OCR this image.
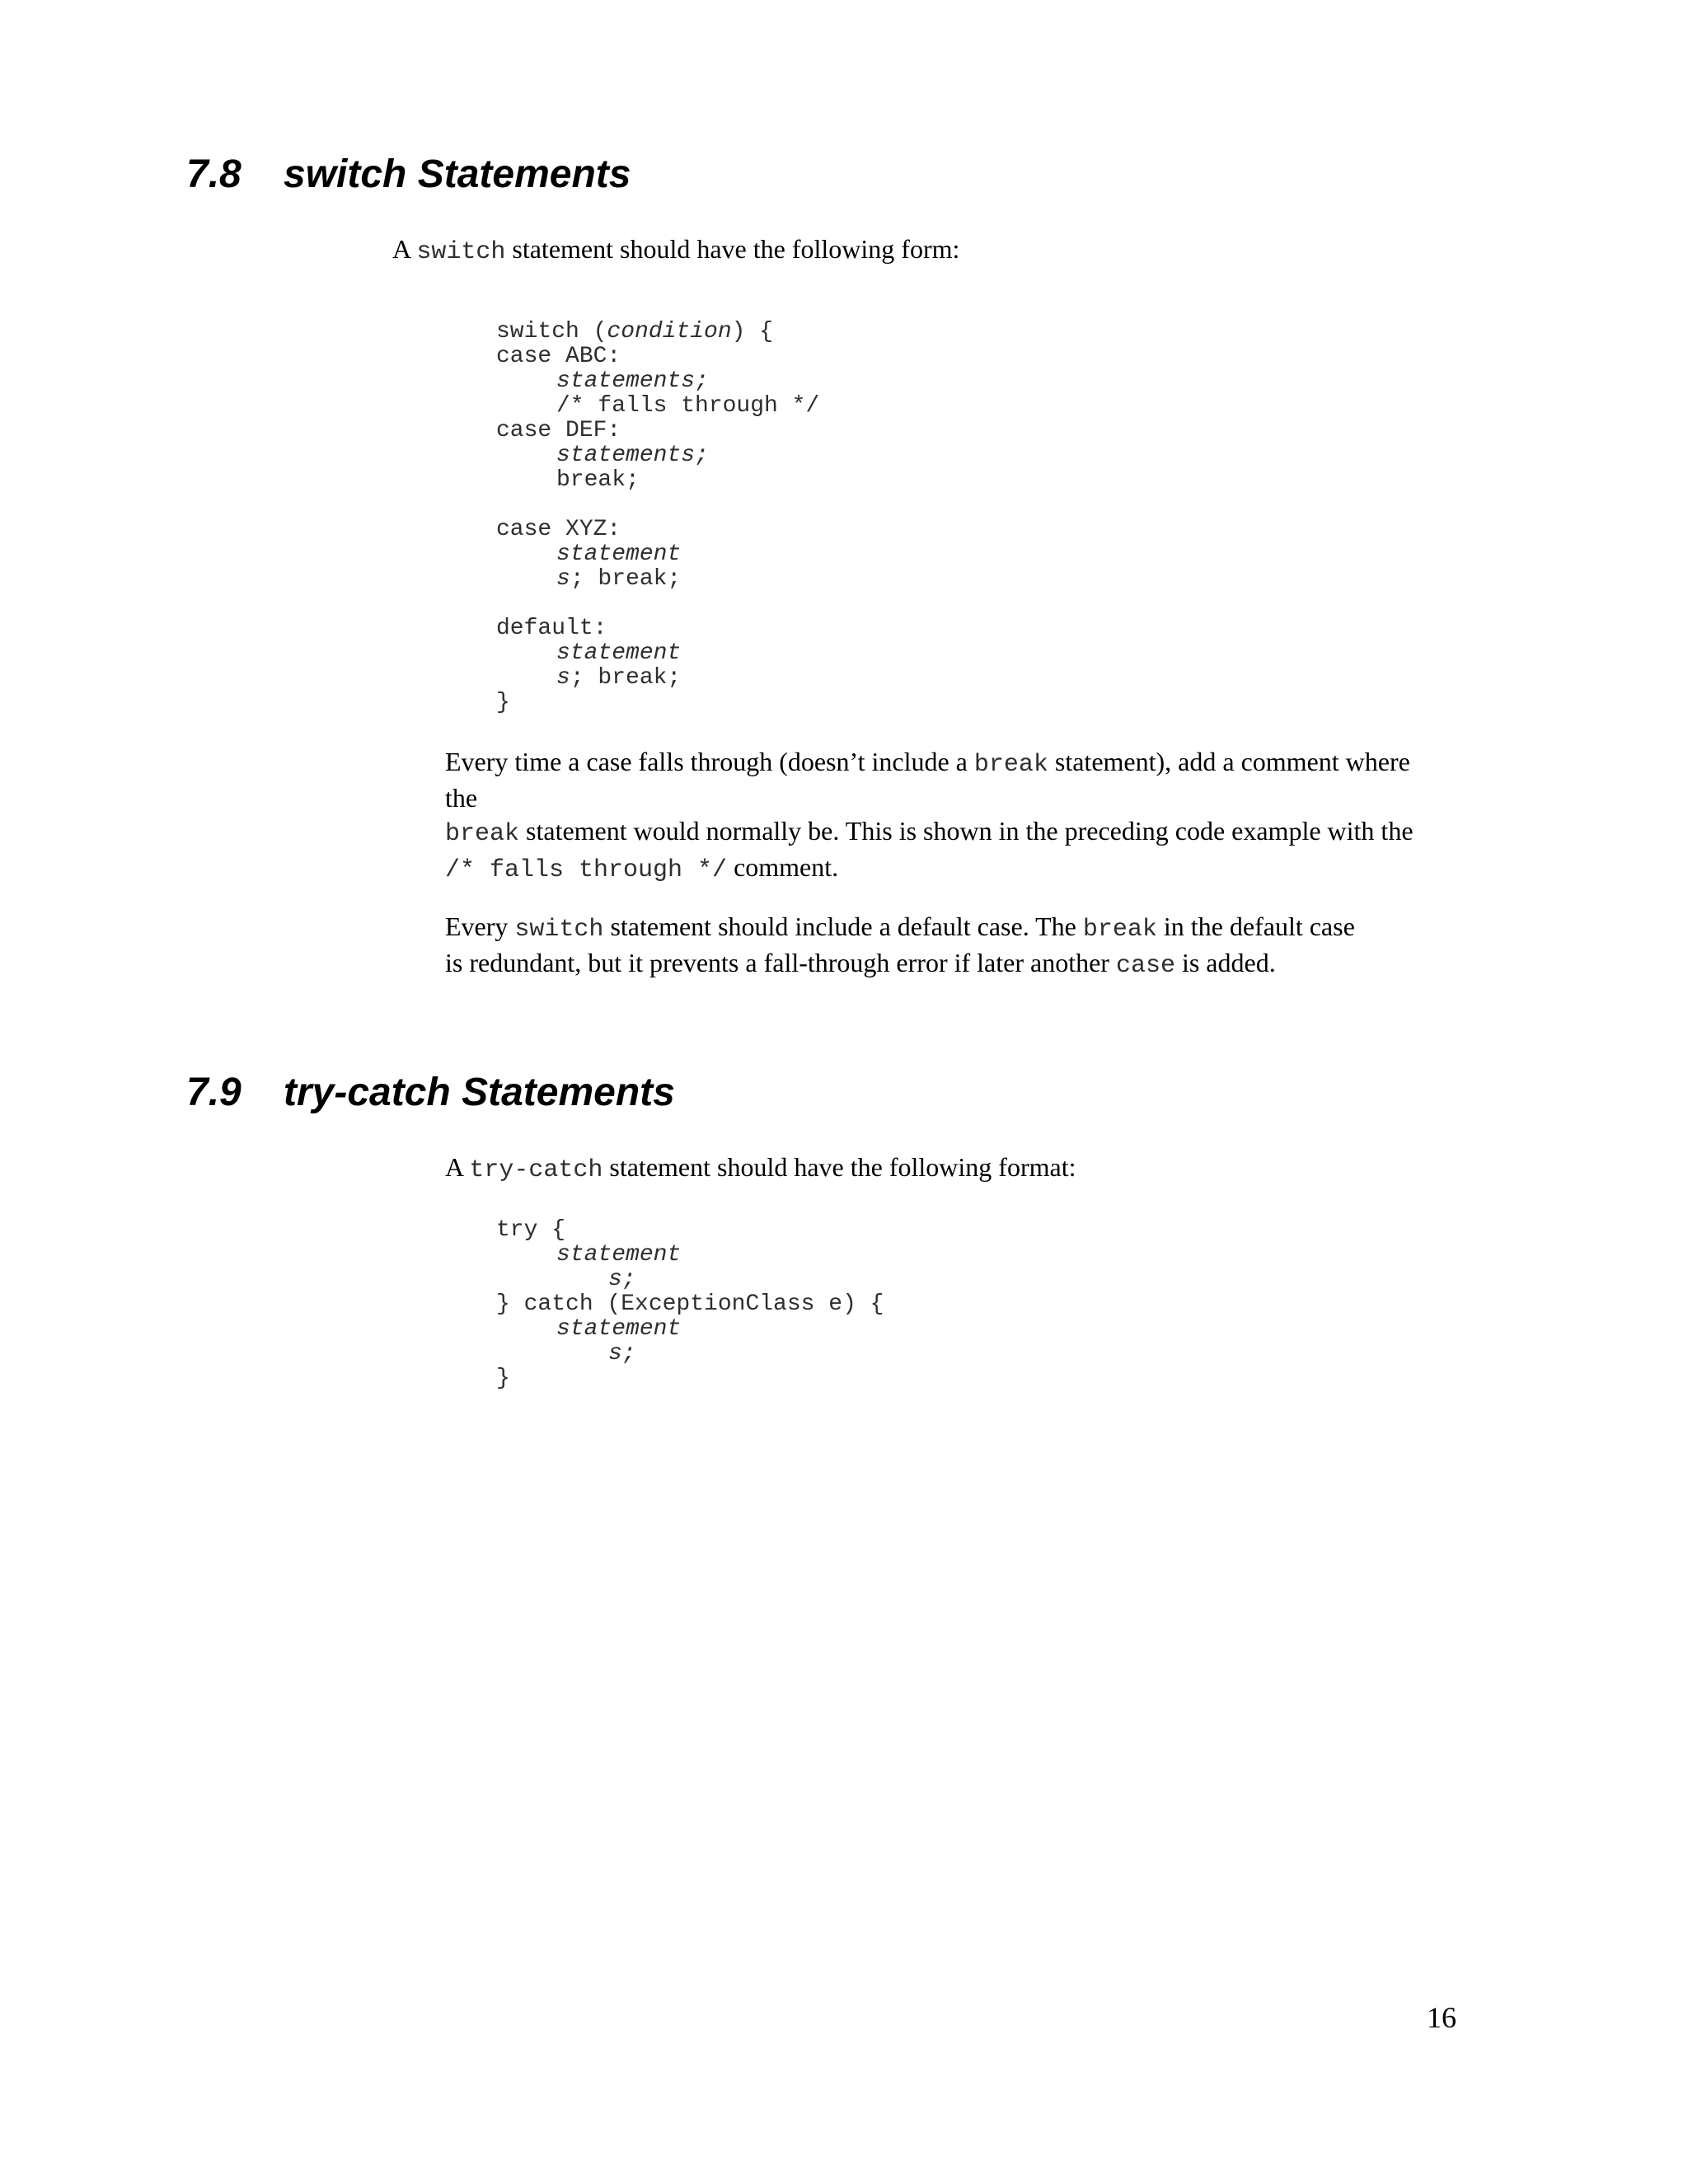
7.8 switch Statements

A switch statement should have the following form:

switch (condition) {
case ABC:
statements;
/* falls through */
case DEF:
statements;
break;
case XYZ:
statement
s; break;
default:
statement
s; break;
}

Every time a case falls through (doesn’t include a break statement), add a comment where
the
break statement would normally be. This is shown in the preceding code example with the
/* falls through */ comment.

Every switch statement should include a default case. The break in the default case
is redundant, but it prevents a fall-through error if later another case is added.

7.9 try-catch Statements

A try-catch statement should have the following format:

try {
statement
s;
} catch (ExceptionClass e) {
statement
s;
}
16
